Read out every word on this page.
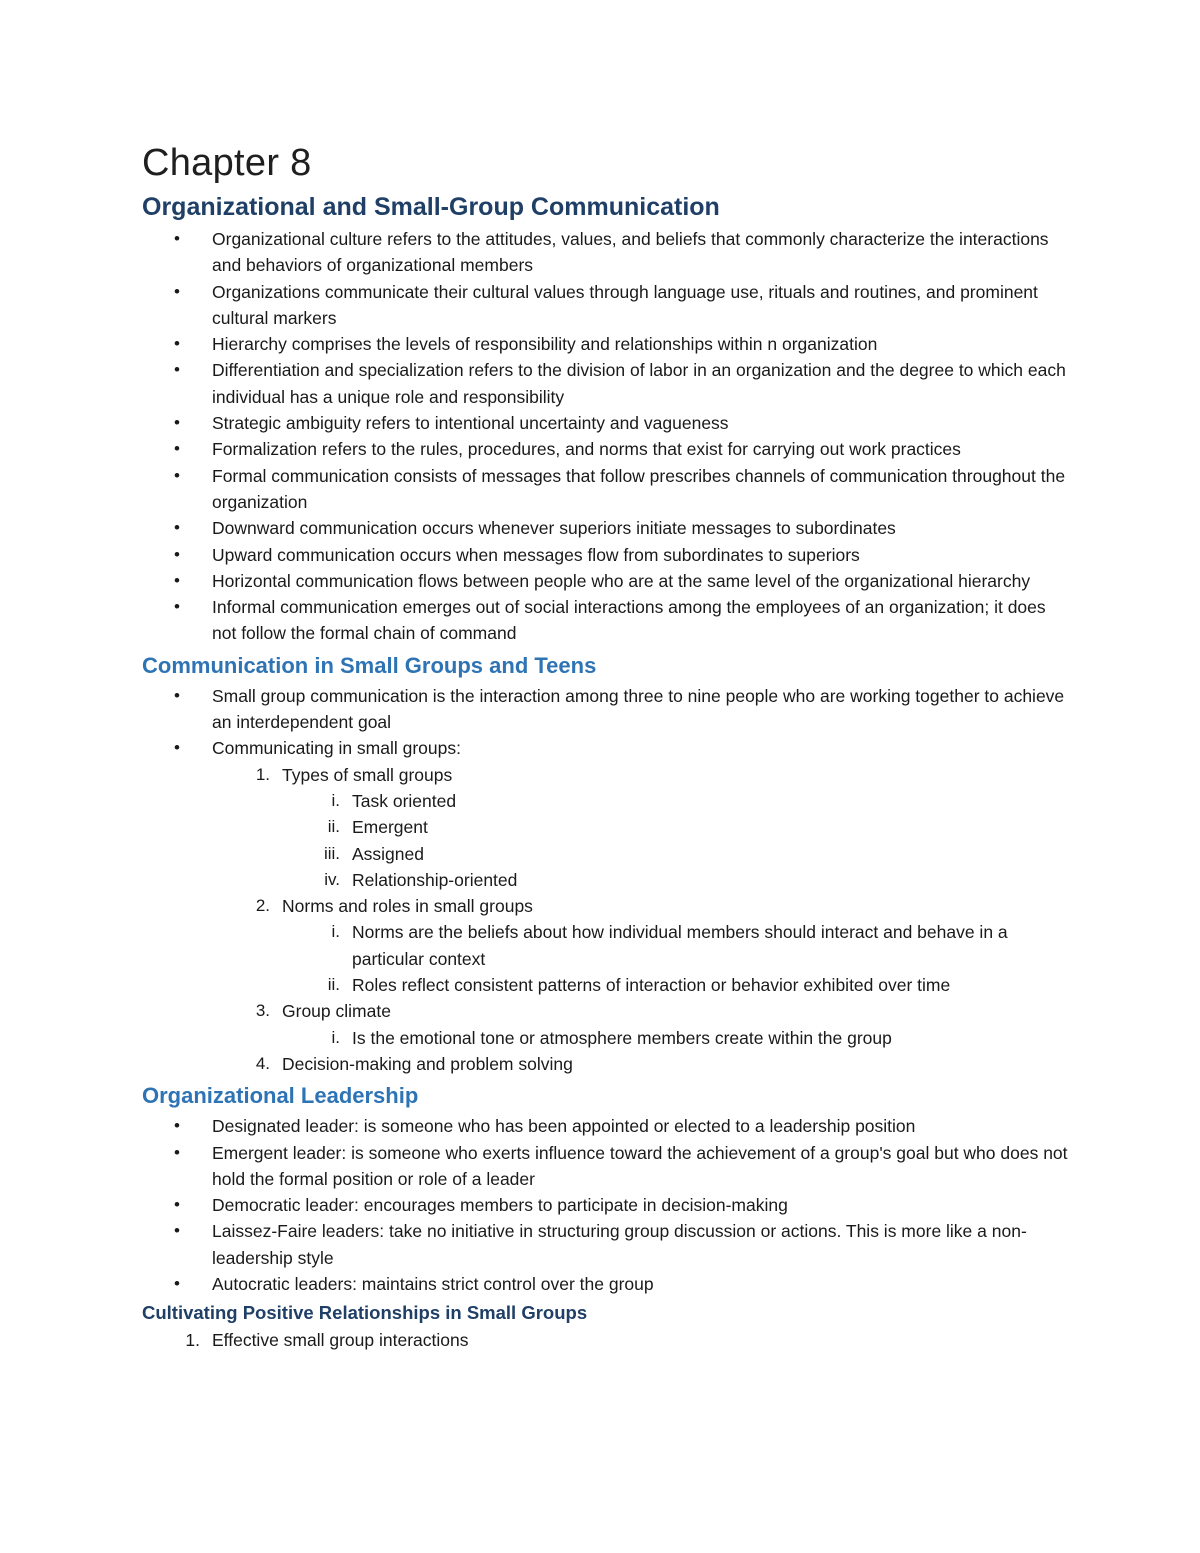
Chapter 8
Organizational and Small-Group Communication
• Organizational culture refers to the attitudes, values, and beliefs that commonly characterize the interactions and behaviors of organizational members
• Organizations communicate their cultural values through language use, rituals and routines, and prominent cultural markers
• Hierarchy comprises the levels of responsibility and relationships within n organization
• Differentiation and specialization refers to the division of labor in an organization and the degree to which each individual has a unique role and responsibility
• Strategic ambiguity refers to intentional uncertainty and vagueness
• Formalization refers to the rules, procedures, and norms that exist for carrying out work practices
• Formal communication consists of messages that follow prescribes channels of communication throughout the organization
• Downward communication occurs whenever superiors initiate messages to subordinates
• Upward communication occurs when messages flow from subordinates to superiors
• Horizontal communication flows between people who are at the same level of the organizational hierarchy
• Informal communication emerges out of social interactions among the employees of an organization; it does not follow the formal chain of command
Communication in Small Groups and Teens
• Small group communication is the interaction among three to nine people who are working together to achieve an interdependent goal
• Communicating in small groups:
1. Types of small groups
i. Task oriented
ii. Emergent
iii. Assigned
iv. Relationship-oriented
2. Norms and roles in small groups
i. Norms are the beliefs about how individual members should interact and behave in a particular context
ii. Roles reflect consistent patterns of interaction or behavior exhibited over time
3. Group climate
i. Is the emotional tone or atmosphere members create within the group
4. Decision-making and problem solving
Organizational Leadership
• Designated leader: is someone who has been appointed or elected to a leadership position
• Emergent leader: is someone who exerts influence toward the achievement of a group's goal but who does not hold the formal position or role of a leader
• Democratic leader: encourages members to participate in decision-making
• Laissez-Faire leaders: take no initiative in structuring group discussion or actions. This is more like a non-leadership style
• Autocratic leaders: maintains strict control over the group
Cultivating Positive Relationships in Small Groups
1. Effective small group interactions
